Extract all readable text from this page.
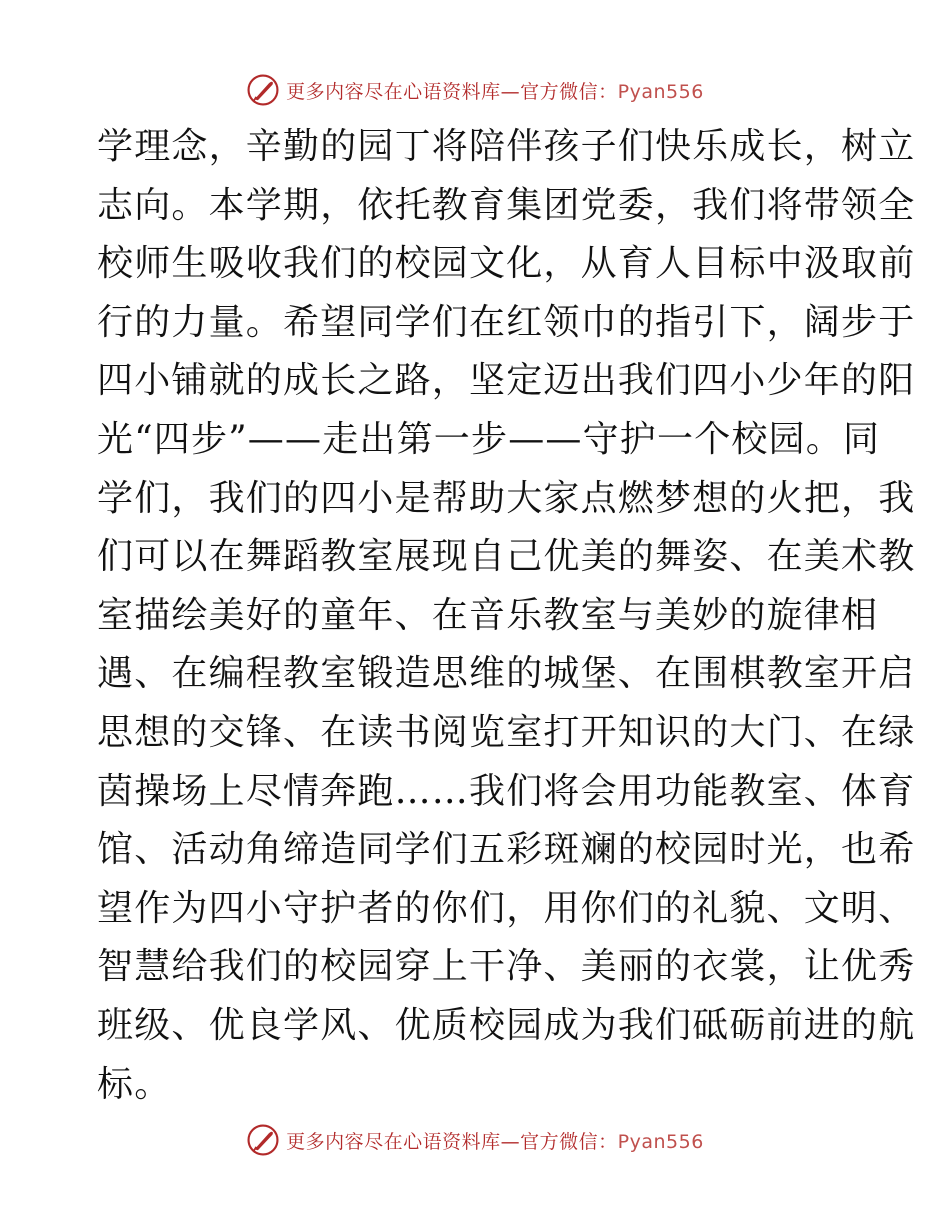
更多内容尽在心语资料库—官方微信：Pyan556
学理念，辛勤的园丁将陪伴孩子们快乐成长，树立
志向。本学期，依托教育集团党委，我们将带领全
校师生吸收我们的校园文化，从育人目标中汲取前
行的力量。希望同学们在红领巾的指引下，阔步于
四小铺就的成长之路，坚定迈出我们四小少年的阳
光“四步”——走出第一步——守护一个校园。同
学们，我们的四小是帮助大家点燃梦想的火把，我
们可以在舞蹈教室展现自己优美的舞姿、在美术教
室描绘美好的童年、在音乐教室与美妙的旋律相
遇、在编程教室锻造思维的城堡、在围棋教室开启
思想的交锋、在读书阅览室打开知识的大门、在绿
茵操场上尽情奔跑……我们将会用功能教室、体育
馆、活动角缔造同学们五彩斑斓的校园时光，也希
望作为四小守护者的你们，用你们的礼貌、文明、
智慧给我们的校园穿上干净、美丽的衣裳，让优秀
班级、优良学风、优质校园成为我们砥砺前进的航
标。
更多内容尽在心语资料库—官方微信：Pyan556
